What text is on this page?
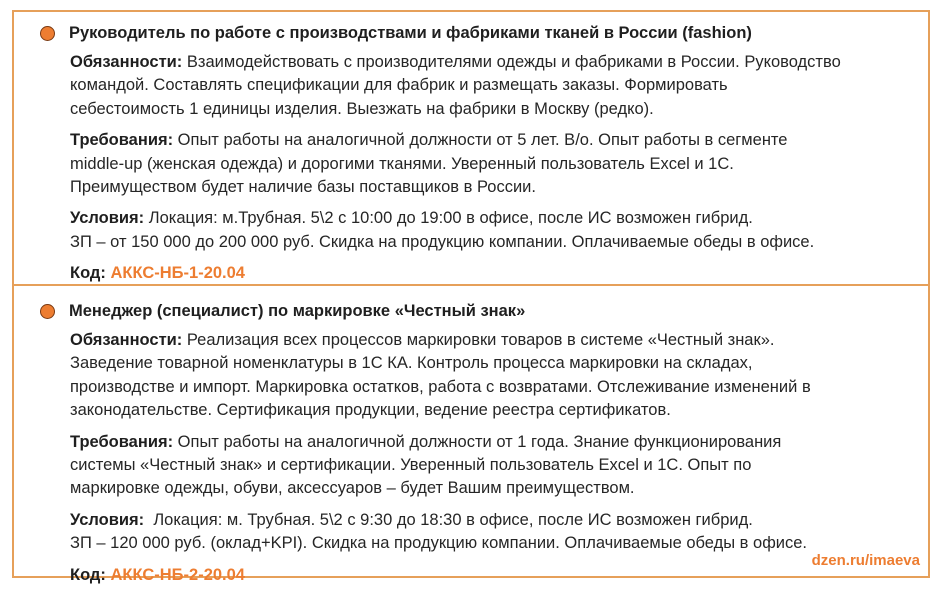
Руководитель по работе с производствами и фабриками тканей в России (fashion)
Обязанности: Взаимодействовать с производителями одежды и фабриками в России. Руководство
командой. Составлять спецификации для фабрик и размещать заказы. Формировать
себестоимость 1 единицы изделия. Выезжать на фабрики в Москву (редко).
Требования: Опыт работы на аналогичной должности от 5 лет. В/о. Опыт работы в сегменте
middle-up (женская одежда) и дорогими тканями. Уверенный пользователь Excel и 1С.
Преимуществом будет наличие базы поставщиков в России.
Условия: Локация: м.Трубная. 5\2 с 10:00 до 19:00 в офисе, после ИС возможен гибрид.
ЗП – от 150 000 до 200 000 руб. Скидка на продукцию компании. Оплачиваемые обеды в офисе.
Код: АККС-НБ-1-20.04
Менеджер (специалист) по маркировке «Честный знак»
Обязанности: Реализация всех процессов маркировки товаров в системе «Честный знак».
Заведение товарной номенклатуры в 1С КА. Контроль процесса маркировки на складах,
производстве и импорт. Маркировка остатков, работа с возвратами. Отслеживание изменений в
законодательстве. Сертификация продукции, ведение реестра сертификатов.
Требования: Опыт работы на аналогичной должности от 1 года. Знание функционирования
системы «Честный знак» и сертификации. Уверенный пользователь Excel и 1С. Опыт по
маркировке одежды, обуви, аксессуаров – будет Вашим преимуществом.
Условия:  Локация: м. Трубная. 5\2 с 9:30 до 18:30 в офисе, после ИС возможен гибрид.
ЗП – 120 000 руб. (оклад+KPI). Скидка на продукцию компании. Оплачиваемые обеды в офисе.
Код: АККС-НБ-2-20.04
dzen.ru/imaeva
